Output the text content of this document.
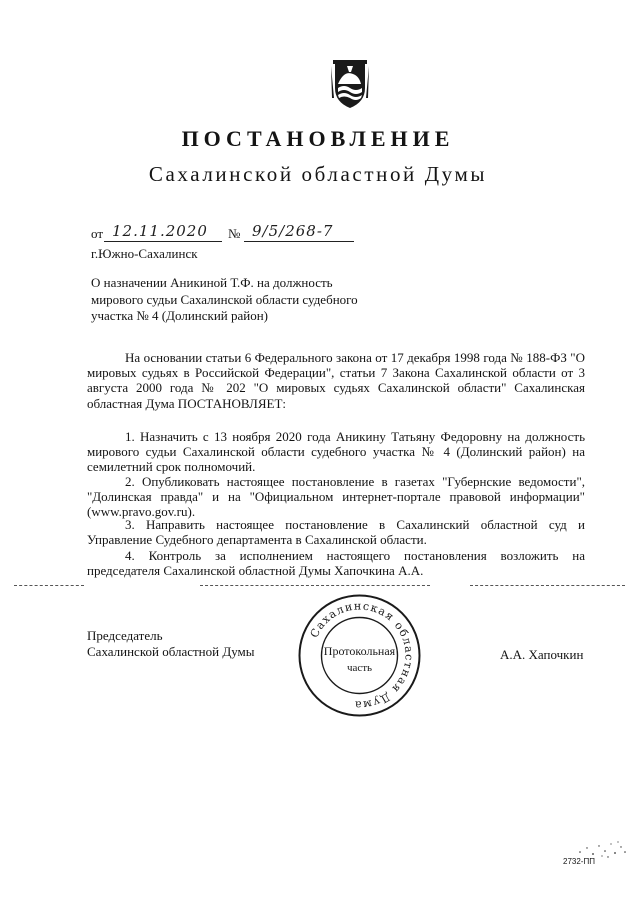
ПОСТАНОВЛЕНИЕ
Сахалинской областной Думы
от 12.11.2020 № 9/5/268-7
г.Южно-Сахалинск
О назначении Аникиной Т.Ф. на должность мирового судьи Сахалинской области судебного участка № 4 (Долинский район)
На основании статьи 6 Федерального закона от 17 декабря 1998 года № 188-ФЗ "О мировых судьях в Российской Федерации", статьи 7 Закона Сахалинской области от 3 августа 2000 года № 202 "О мировых судьях Сахалинской области" Сахалинская областная Дума ПОСТАНОВЛЯЕТ:
1. Назначить с 13 ноября 2020 года Аникину Татьяну Федоровну на должность мирового судьи Сахалинской области судебного участка № 4 (Долинский район) на семилетний срок полномочий.
2. Опубликовать настоящее постановление в газетах "Губернские ведомости", "Долинская правда" и на "Официальном интернет-портале правовой информации" (www.pravo.gov.ru).
3. Направить настоящее постановление в Сахалинский областной суд и Управление Судебного департамента в Сахалинской области.
4. Контроль за исполнением настоящего постановления возложить на председателя Сахалинской областной Думы Хапочкина А.А.
Председатель
Сахалинской областной Думы	А.А. Хапочкин
Сахалинская областная Дума
Протокольная
часть
2732-ПП
